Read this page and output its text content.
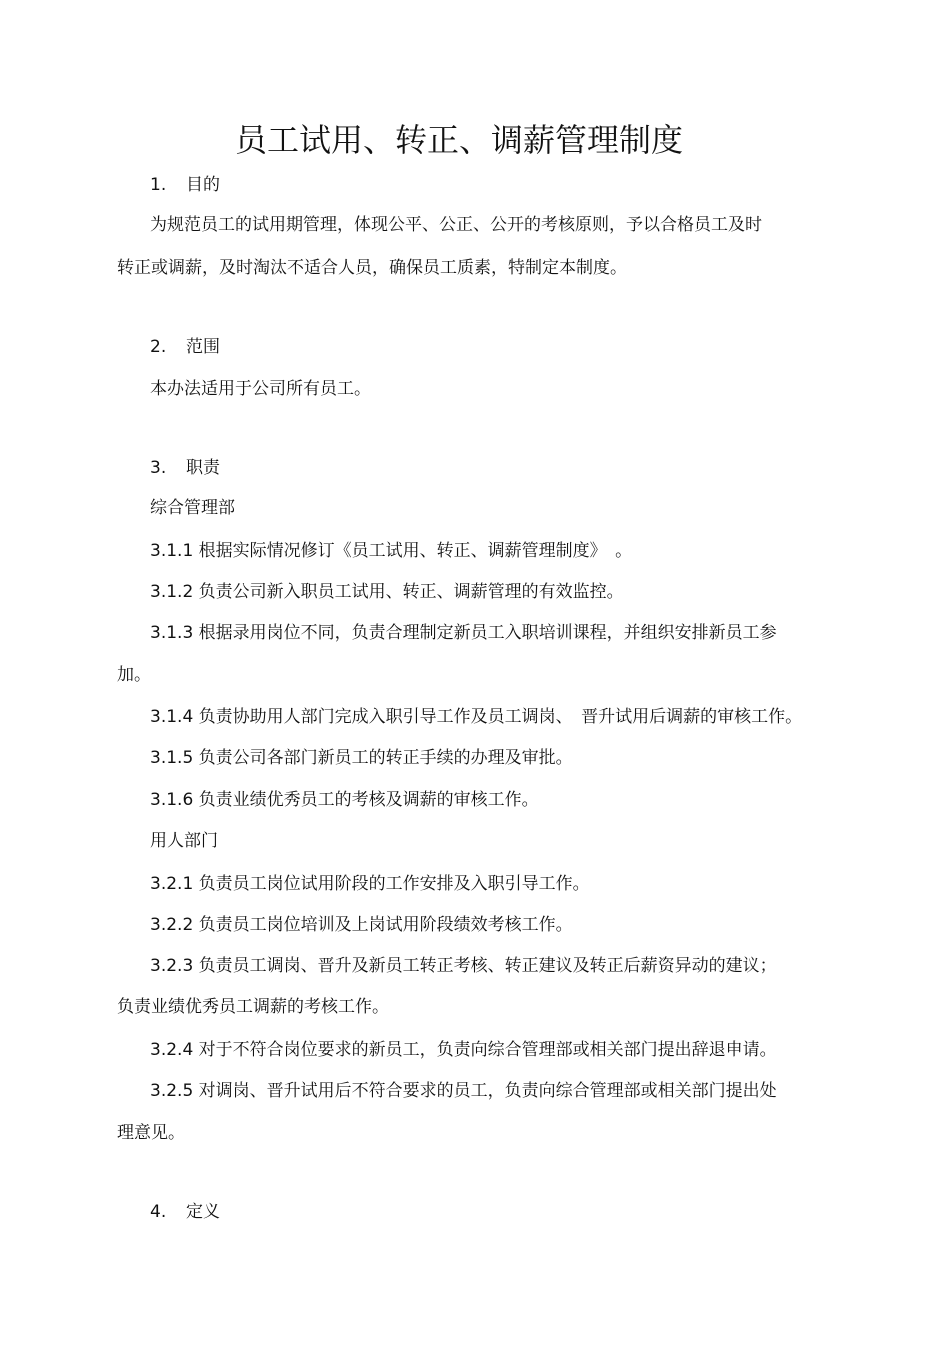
员工试用、转正、调薪管理制度
1. 目的
为规范员工的试用期管理，体现公平、公正、公开的考核原则，予以合格员工及时
转正或调薪，及时淘汰不适合人员，确保员工质素，特制定本制度。
2. 范围
本办法适用于公司所有员工。
3. 职责
综合管理部
3.1.1 根据实际情况修订《员工试用、转正、调薪管理制度》　。
3.1.2 负责公司新入职员工试用、转正、调薪管理的有效监控。
3.1.3 根据录用岗位不同，负责合理制定新员工入职培训课程，并组织安排新员工参
加。
3.1.4 负责协助用人部门完成入职引导工作及员工调岗、　晋升试用后调薪的审核工作。
3.1.5 负责公司各部门新员工的转正手续的办理及审批。
3.1.6 负责业绩优秀员工的考核及调薪的审核工作。
用人部门
3.2.1 负责员工岗位试用阶段的工作安排及入职引导工作。
3.2.2 负责员工岗位培训及上岗试用阶段绩效考核工作。
3.2.3 负责员工调岗、晋升及新员工转正考核、转正建议及转正后薪资异动的建议；
负责业绩优秀员工调薪的考核工作。
3.2.4 对于不符合岗位要求的新员工，负责向综合管理部或相关部门提出辞退申请。
3.2.5 对调岗、晋升试用后不符合要求的员工，负责向综合管理部或相关部门提出处
理意见。
4. 定义
